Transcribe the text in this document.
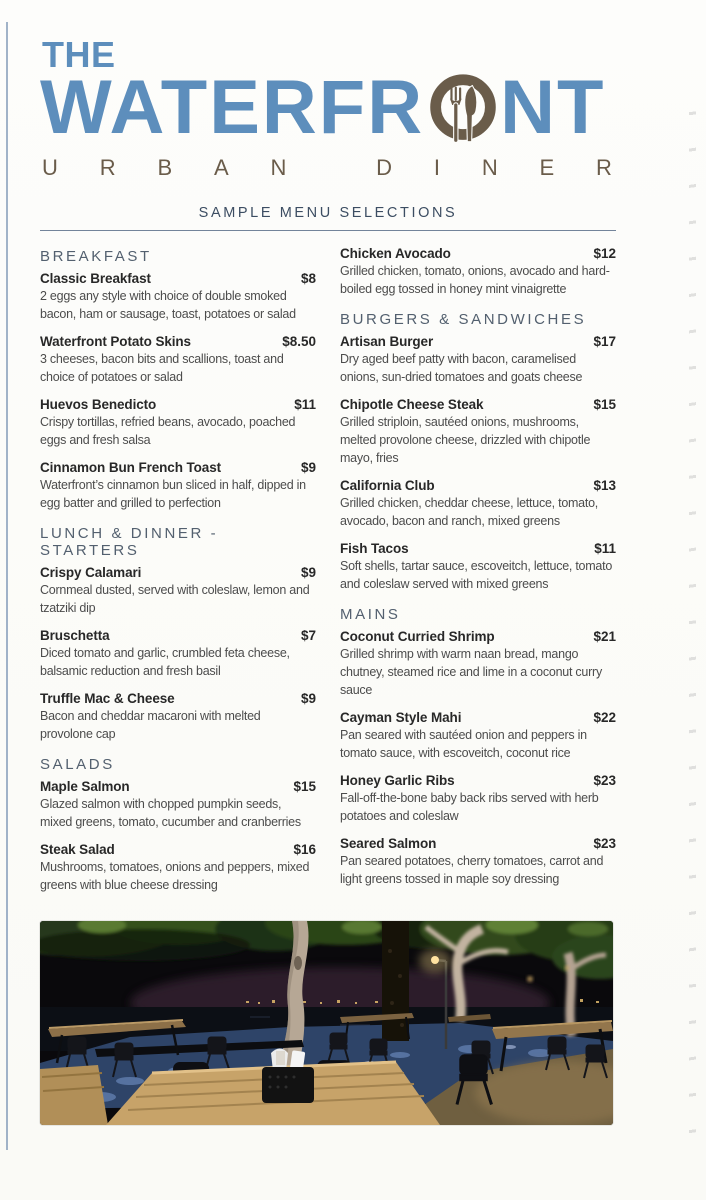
THE
WATERFR NT
U R B A N
	D I N E R
SAMPLE MENU SELECTIONS
BREAKFAST
Classic Breakfast	$8
2 eggs any style with choice of double smoked bacon, ham or sausage, toast, potatoes or salad
Waterfront Potato Skins	$8.50
3 cheeses, bacon bits and scallions, toast and choice of potatoes or salad
Huevos Benedicto	$11
Crispy tortillas, refried beans, avocado, poached eggs and fresh salsa
Cinnamon Bun French Toast	$9
Waterfront’s cinnamon bun sliced in half, dipped in egg batter and grilled to perfection
LUNCH & DINNER - STARTERS
Crispy Calamari	$9
Cornmeal dusted, served with coleslaw, lemon and tzatziki dip
Bruschetta	$7
Diced tomato and garlic, crumbled feta cheese, balsamic reduction and fresh basil
Truffle Mac & Cheese	$9
Bacon and cheddar macaroni with melted provolone cap
SALADS
Maple Salmon	$15
Glazed salmon with chopped pumpkin seeds, mixed greens, tomato, cucumber and cranberries
Steak Salad	$16
Mushrooms, tomatoes, onions and peppers, mixed greens with blue cheese dressing
Chicken Avocado	$12
Grilled chicken, tomato, onions, avocado and hard-boiled egg tossed in honey mint vinaigrette
BURGERS & SANDWICHES
Artisan Burger	$17
Dry aged beef patty with bacon, caramelised onions, sun-dried tomatoes and goats cheese
Chipotle Cheese Steak	$15
Grilled striploin, sautéed onions, mushrooms, melted provolone cheese, drizzled with chipotle mayo, fries
California Club	$13
Grilled chicken, cheddar cheese, lettuce, tomato, avocado, bacon and ranch, mixed greens
Fish Tacos	$11
Soft shells, tartar sauce, escoveitch, lettuce, tomato and coleslaw served with mixed greens
MAINS
Coconut Curried Shrimp	$21
Grilled shrimp with warm naan bread, mango chutney, steamed rice and lime in a coconut curry sauce
Cayman Style Mahi	$22
Pan seared with sautéed onion and peppers in tomato sauce, with escoveitch, coconut rice
Honey Garlic Ribs	$23
Fall-off-the-bone baby back ribs served with herb potatoes and coleslaw
Seared Salmon	$23
Pan seared potatoes, cherry tomatoes, carrot and light greens tossed in maple soy dressing
